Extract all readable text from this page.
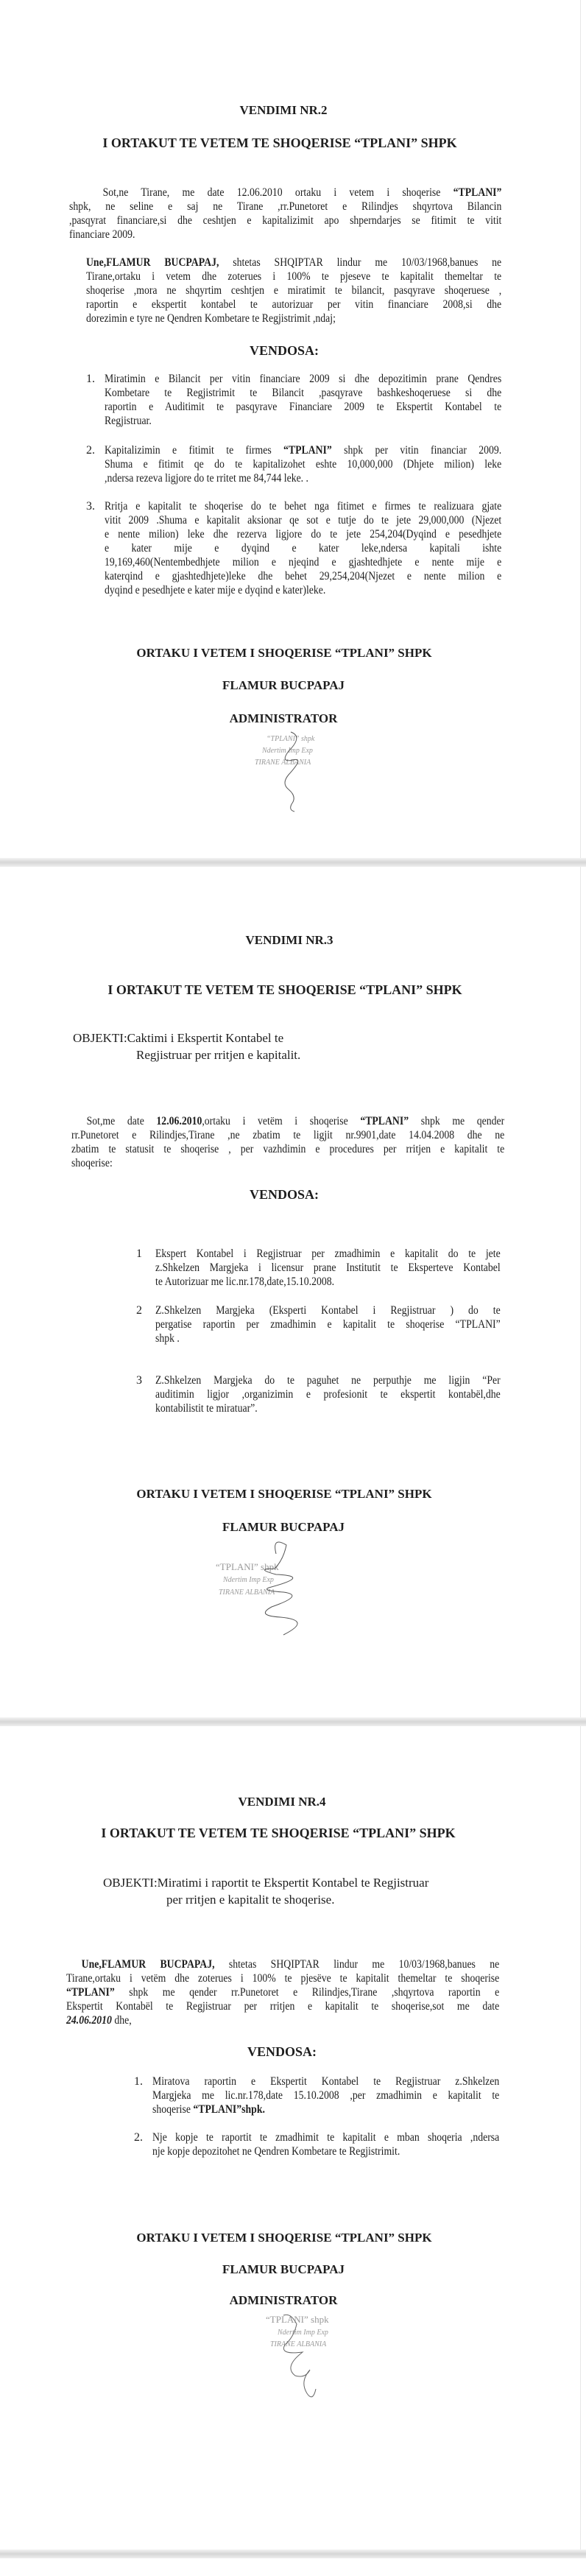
VENDIMI NR.2
I ORTAKUT TE VETEM TE SHOQERISE “TPLANI” SHPK
Sot,ne Tirane, me date 12.06.2010 ortaku i vetem i shoqerise “TPLANI”
shpk, ne seline e saj ne Tirane ,rr.Punetoret e Rilindjes shqyrtova Bilancin
,pasqyrat financiare,si dhe ceshtjen e kapitalizimit apo shperndarjes se fitimit te vitit
financiare 2009.
Une,FLAMUR BUCPAPAJ, shtetas SHQIPTAR lindur me 10/03/1968,banues ne
Tirane,ortaku i vetem dhe zoterues i 100% te pjeseve te kapitalit themeltar te
shoqerise ,mora ne shqyrtim ceshtjen e miratimit te bilancit, pasqyrave shoqeruese ,
raportin e ekspertit kontabel te autorizuar per vitin financiare 2008,si dhe
dorezimin e tyre ne Qendren Kombetare te Regjistrimit ,ndaj;
VENDOSA:
1. Miratimin e Bilancit per vitin financiare 2009 si dhe depozitimin prane Qendres
Kombetare te Regjistrimit te Bilancit ,pasqyrave bashkeshoqeruese si dhe
raportin e Auditimit te pasqyrave Financiare 2009 te Ekspertit Kontabel te
Regjistruar.
2. Kapitalizimin e fitimit te firmes “TPLANI” shpk per vitin financiar 2009.
Shuma e fitimit qe do te kapitalizohet eshte 10,000,000 (Dhjete milion) leke
,ndersa rezeva ligjore do te rritet me 84,744 leke. .
3. Rritja e kapitalit te shoqerise do te behet nga fitimet e firmes te realizuara gjate
vitit 2009 .Shuma e kapitalit aksionar qe sot e tutje do te jete 29,000,000 (Njezet
e nente milion) leke dhe rezerva ligjore do te jete 254,204(Dyqind e pesedhjete
e kater mije e dyqind e kater leke,ndersa kapitali ishte
19,169,460(Nentembedhjete milion e njeqind e gjashtedhjete e nente mije e
katerqind e gjashtedhjete)leke dhe behet 29,254,204(Njezet e nente milion e
dyqind e pesedhjete e kater mije e dyqind e kater)leke.
ORTAKU I VETEM I SHOQERISE “TPLANI” SHPK
FLAMUR BUCPAPAJ
ADMINISTRATOR
“TPLANI” shpk
Ndertim Imp Exp
TIRANE ALBANIA
VENDIMI NR.3
I ORTAKUT TE VETEM TE SHOQERISE “TPLANI” SHPK
OBJEKTI:Caktimi i Ekspertit Kontabel te
Regjistruar per rritjen e kapitalit.
Sot,me date 12.06.2010,ortaku i vetëm i shoqerise “TPLANI” shpk me qender
rr.Punetoret e Rilindjes,Tirane ,ne zbatim te ligjit nr.9901,date 14.04.2008 dhe ne
zbatim te statusit te shoqerise , per vazhdimin e procedures per rritjen e kapitalit te
shoqerise:
VENDOSA:
1 Ekspert Kontabel i Regjistruar per zmadhimin e kapitalit do te jete
z.Shkelzen Margjeka i licensur prane Institutit te Eksperteve Kontabel
te Autorizuar me lic.nr.178,date,15.10.2008.
2 Z.Shkelzen Margjeka (Eksperti Kontabel i Regjistruar ) do te
pergatise raportin per zmadhimin e kapitalit te shoqerise “TPLANI”
shpk .
3 Z.Shkelzen Margjeka do te paguhet ne perputhje me ligjin “Per
auditimin ligjor ,organizimin e profesionit te ekspertit kontabël,dhe
kontabilistit te miratuar”.
ORTAKU I VETEM I SHOQERISE “TPLANI” SHPK
FLAMUR BUCPAPAJ
“TPLANI” shpk
Ndertim Imp Exp
TIRANE ALBANIA
VENDIMI NR.4
I ORTAKUT TE VETEM TE SHOQERISE “TPLANI” SHPK
OBJEKTI:Miratimi i raportit te Ekspertit Kontabel te Regjistruar
per rritjen e kapitalit te shoqerise.
Une,FLAMUR BUCPAPAJ, shtetas SHQIPTAR lindur me 10/03/1968,banues ne
Tirane,ortaku i vetëm dhe zoterues i 100% te pjesëve te kapitalit themeltar te shoqerise
“TPLANI” shpk me qender rr.Punetoret e Rilindjes,Tirane ,shqyrtova raportin e
Ekspertit Kontabël te Regjistruar per rritjen e kapitalit te shoqerise,sot me date
24.06.2010 dhe,
VENDOSA:
1. Miratova raportin e Ekspertit Kontabel te Regjistruar z.Shkelzen
Margjeka me lic.nr.178,date 15.10.2008 ,per zmadhimin e kapitalit te
shoqerise “TPLANI”shpk.
2. Nje kopje te raportit te zmadhimit te kapitalit e mban shoqeria ,ndersa
nje kopje depozitohet ne Qendren Kombetare te Regjistrimit.
ORTAKU I VETEM I SHOQERISE “TPLANI” SHPK
FLAMUR BUCPAPAJ
ADMINISTRATOR
“TPLANI” shpk
Ndertim Imp Exp
TIRANE ALBANIA
